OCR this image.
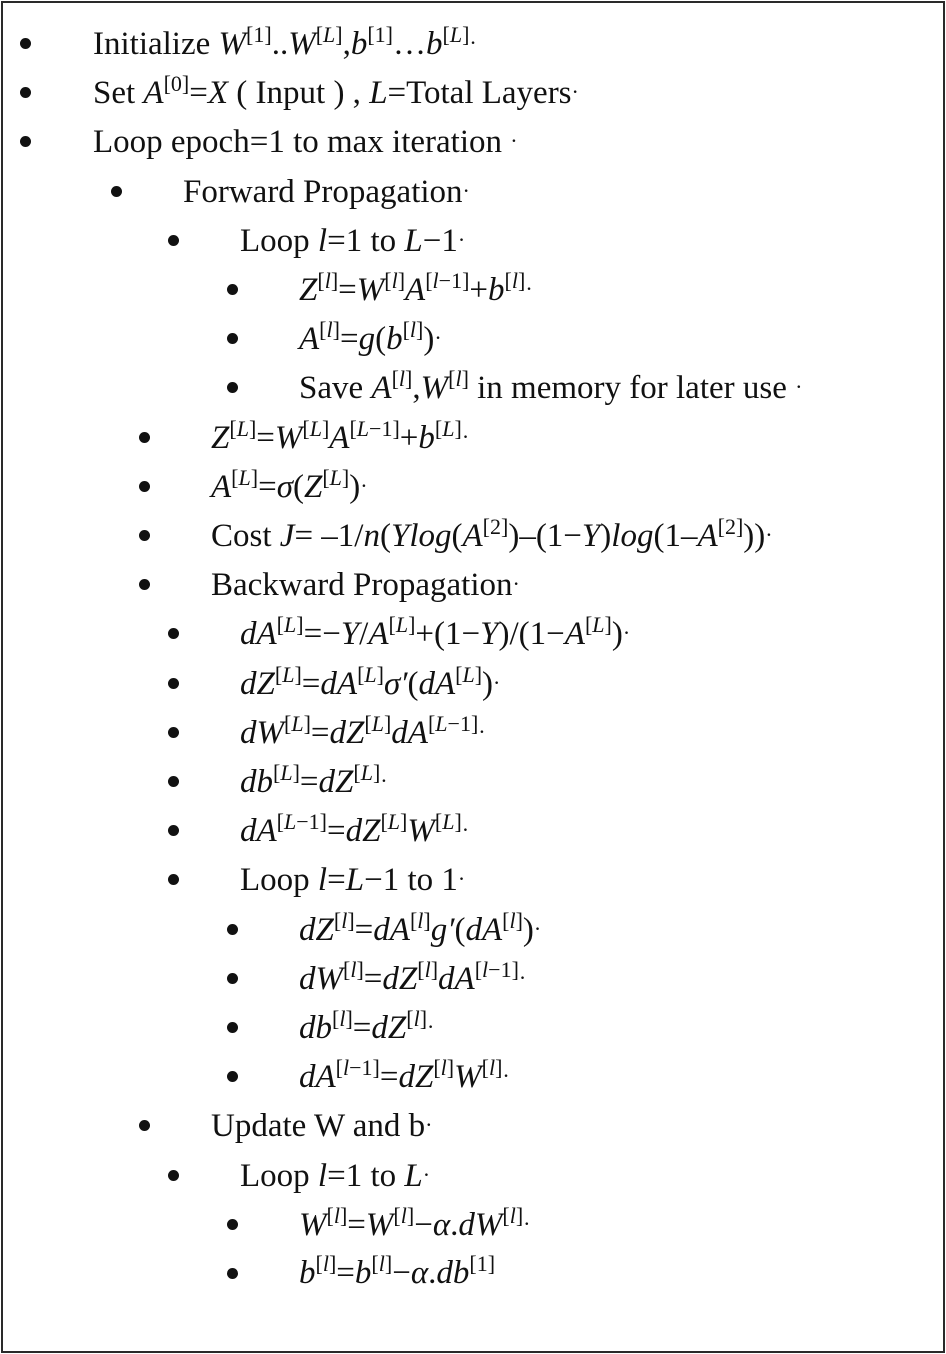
Initialize W[1]..W[L],b[1]…b[L]·
Set A[0]=X ( Input ) , L=Total Layers·
Loop epoch=1 to max iteration ·
Forward Propagation·
Loop l=1 to L−1·
Z[l]=W[l]A[l−1]+b[l]·
A[l]=g(b[l])·
Save A[l],W[l] in memory for later use ·
Z[L]=W[L]A[L−1]+b[L]·
A[L]=σ(Z[L])·
Cost J= –1/n(Ylog(A[2])–(1−Y)log(1–A[2]))·
Backward Propagation·
dA[L]=−Y/A[L]+(1−Y)/(1−A[L])·
dZ[L]=dA[L]σ′(dA[L])·
dW[L]=dZ[L]dA[L−1]·
db[L]=dZ[L]·
dA[L−1]=dZ[L]W[L]·
Loop l=L−1 to 1·
dZ[l]=dA[l]g′(dA[l])·
dW[l]=dZ[l]dA[l−1]·
db[l]=dZ[l]·
dA[l−1]=dZ[l]W[l]·
Update W and b·
Loop l=1 to L·
W[l]=W[l]−α.dW[l]·
b[l]=b[l]−α.db[1]
